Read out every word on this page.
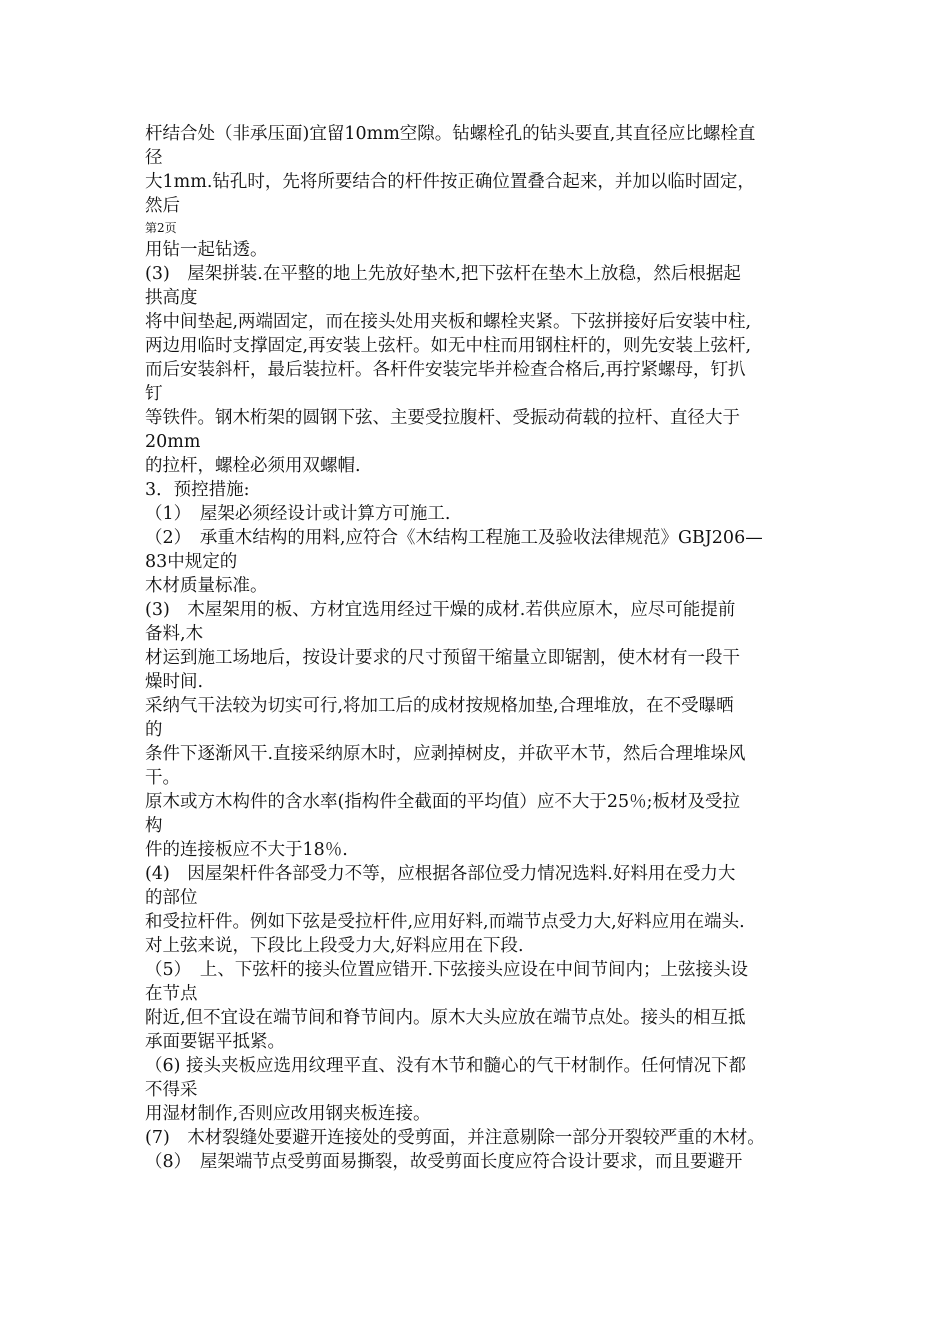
杆结合处（非承压面)宜留10mm空隙。钻螺栓孔的钻头要直,其直径应比螺栓直
径
大1mm.钻孔时，先将所要结合的杆件按正确位置叠合起来，并加以临时固定，
然后
第2页
用钻一起钻透。
(3)　屋架拼装.在平整的地上先放好垫木,把下弦杆在垫木上放稳，然后根据起
拱高度
将中间垫起,两端固定，而在接头处用夹板和螺栓夹紧。下弦拼接好后安装中柱,
两边用临时支撑固定,再安装上弦杆。如无中柱而用钢柱杆的，则先安装上弦杆,
而后安装斜杆，最后装拉杆。各杆件安装完毕并检查合格后,再拧紧螺母，钉扒
钉
等铁件。钢木桁架的圆钢下弦、主要受拉腹杆、受振动荷载的拉杆、直径大于
20mm
的拉杆，螺栓必须用双螺帽.
3．预控措施:
（1）　屋架必须经设计或计算方可施工.
（2）　承重木结构的用料,应符合《木结构工程施工及验收法律规范》GBJ206—
83中规定的
木材质量标准。
(3)　木屋架用的板、方材宜选用经过干燥的成材.若供应原木，应尽可能提前
备料,木
材运到施工场地后，按设计要求的尺寸预留干缩量立即锯割，使木材有一段干
燥时间.
采纳气干法较为切实可行,将加工后的成材按规格加垫,合理堆放，在不受曝晒
的
条件下逐渐风干.直接采纳原木时，应剥掉树皮，并砍平木节，然后合理堆垛风
干。
原木或方木构件的含水率(指构件全截面的平均值）应不大于25％;板材及受拉
构
件的连接板应不大于18％.
(4)　因屋架杆件各部受力不等，应根据各部位受力情况选料.好料用在受力大
的部位
和受拉杆件。例如下弦是受拉杆件,应用好料,而端节点受力大,好料应用在端头.
对上弦来说，下段比上段受力大,好料应用在下段.
（5）　上、下弦杆的接头位置应错开.下弦接头应设在中间节间内；上弦接头设
在节点
附近,但不宜设在端节间和脊节间内。原木大头应放在端节点处。接头的相互抵
承面要锯平抵紧。
（6) 接头夹板应选用纹理平直、没有木节和髓心的气干材制作。任何情况下都
不得采
用湿材制作,否则应改用钢夹板连接。
(7)　木材裂缝处要避开连接处的受剪面，并注意剔除一部分开裂较严重的木材。
（8）　屋架端节点受剪面易撕裂，故受剪面长度应符合设计要求，而且要避开
